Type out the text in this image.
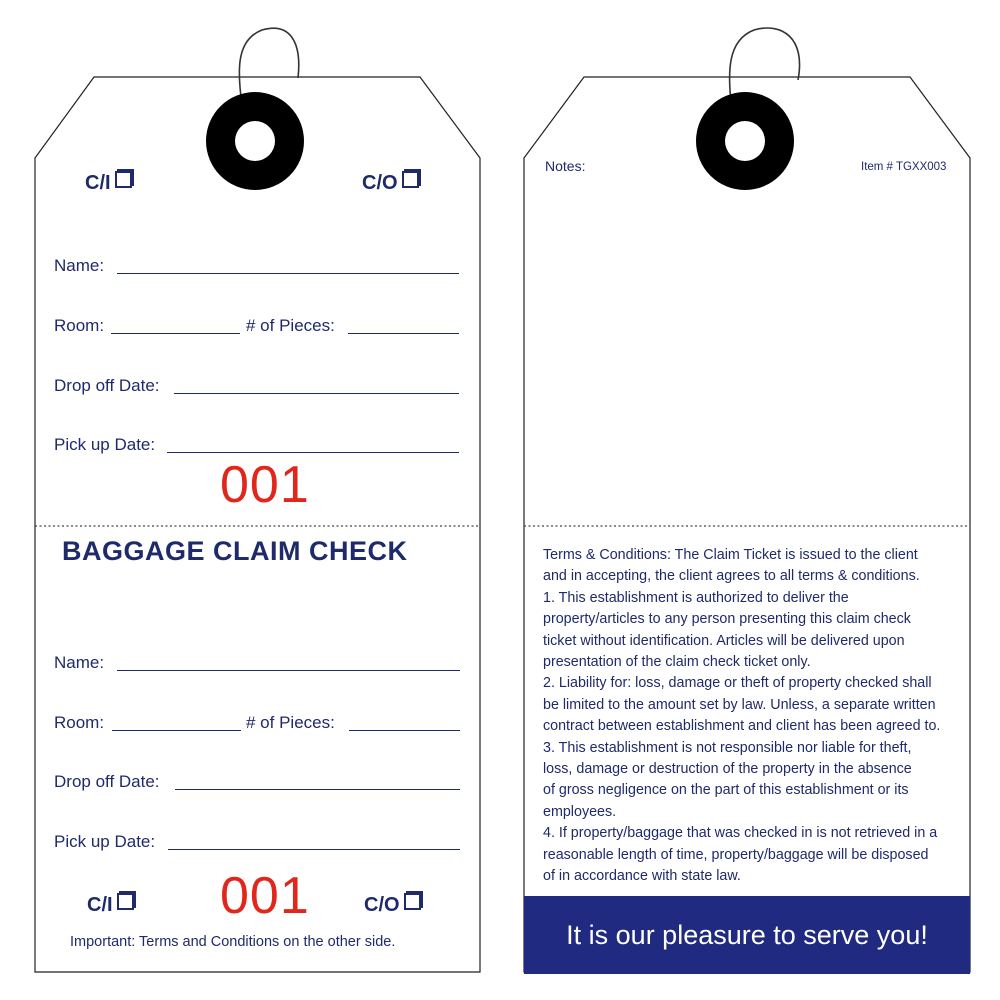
C/I	C/O
Name:
Room:	# of Pieces:
Drop off Date:
Pick up Date:
001
BAGGAGE CLAIM CHECK
Name:
Room:	# of Pieces:
Drop off Date:
Pick up Date:
C/I	001	C/O
Important: Terms and Conditions on the other side.
Notes:	Item # TGXX003
Terms & Conditions: The Claim Ticket is issued to the client
and in accepting, the client agrees to all terms & conditions.
1. This establishment is authorized to deliver the
property/articles to any person presenting this claim check
ticket without identification. Articles will be delivered upon
presentation of the claim check ticket only.
2. Liability for: loss, damage or theft of property checked shall
be limited to the amount set by law. Unless, a separate written
contract between establishment and client has been agreed to.
3. This establishment is not responsible nor liable for theft,
loss, damage or destruction of the property in the absence
of gross negligence on the part of this establishment or its
employees.
4. If property/baggage that was checked in is not retrieved in a
reasonable length of time, property/baggage will be disposed
of in accordance with state law.
It is our pleasure to serve you!
